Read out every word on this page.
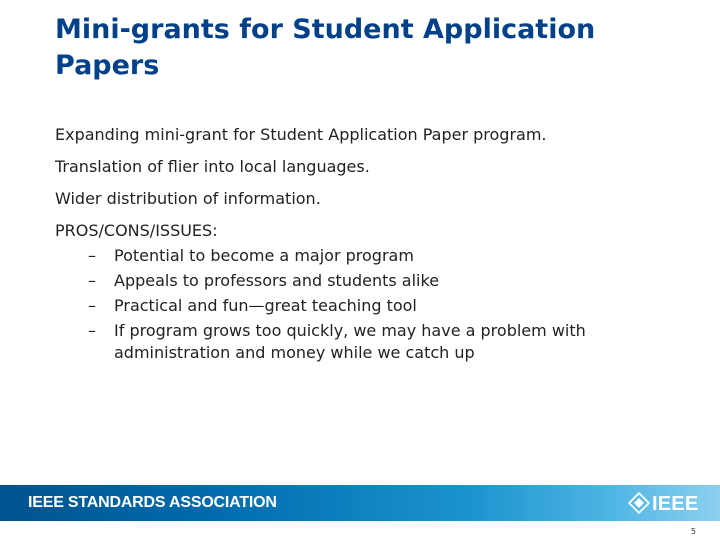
Mini-grants for Student Application Papers
Expanding mini-grant for Student Application Paper program.
Translation of flier into local languages.
Wider distribution of information.
PROS/CONS/ISSUES:
– Potential to become a major program
– Appeals to professors and students alike
– Practical and fun—great teaching tool
– If program grows too quickly, we may have a problem with administration and money while we catch up
IEEE STANDARDS ASSOCIATION	IEEE
5
